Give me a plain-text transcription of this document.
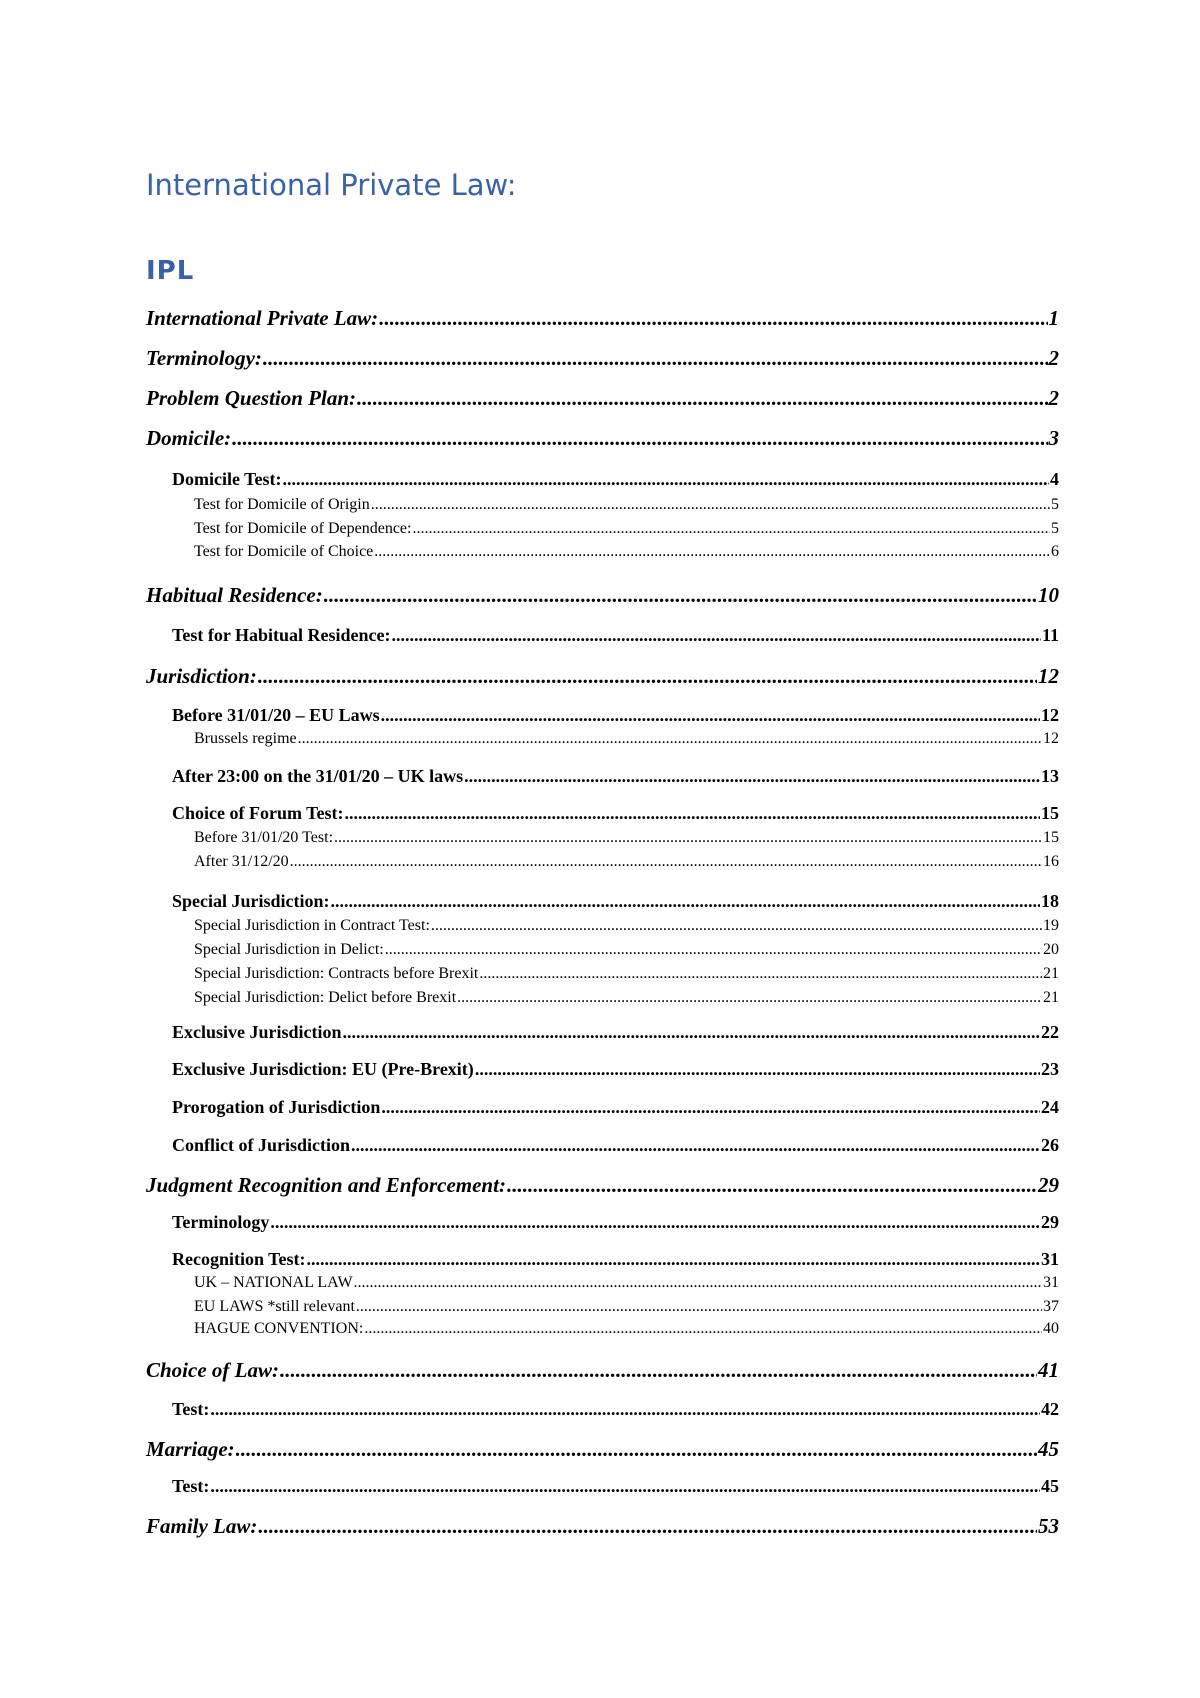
International Private Law:
IPL
International Private Law: .....	1
Terminology: .....	2
Problem Question Plan: .....	2
Domicile: .....	3
Domicile Test: .....	4
Test for Domicile of Origin .....	5
Test for Domicile of Dependence: .....	5
Test for Domicile of Choice .....	6
Habitual Residence: .....	10
Test for Habitual Residence: .....	11
Jurisdiction: .....	12
Before 31/01/20 – EU Laws .....	12
Brussels regime .....	12
After 23:00 on the 31/01/20 – UK laws .....	13
Choice of Forum Test: .....	15
Before 31/01/20 Test: .....	15
After 31/12/20 .....	16
Special Jurisdiction: .....	18
Special Jurisdiction in Contract Test: .....	19
Special Jurisdiction in Delict: .....	20
Special Jurisdiction: Contracts before Brexit .....	21
Special Jurisdiction: Delict before Brexit .....	21
Exclusive Jurisdiction .....	22
Exclusive Jurisdiction: EU (Pre-Brexit) .....	23
Prorogation of Jurisdiction .....	24
Conflict of Jurisdiction .....	26
Judgment Recognition and Enforcement: .....	29
Terminology .....	29
Recognition Test: .....	31
UK – NATIONAL LAW .....	31
EU LAWS *still relevant .....	37
HAGUE CONVENTION: .....	40
Choice of Law: .....	41
Test: .....	42
Marriage: .....	45
Test: .....	45
Family Law: .....	53
